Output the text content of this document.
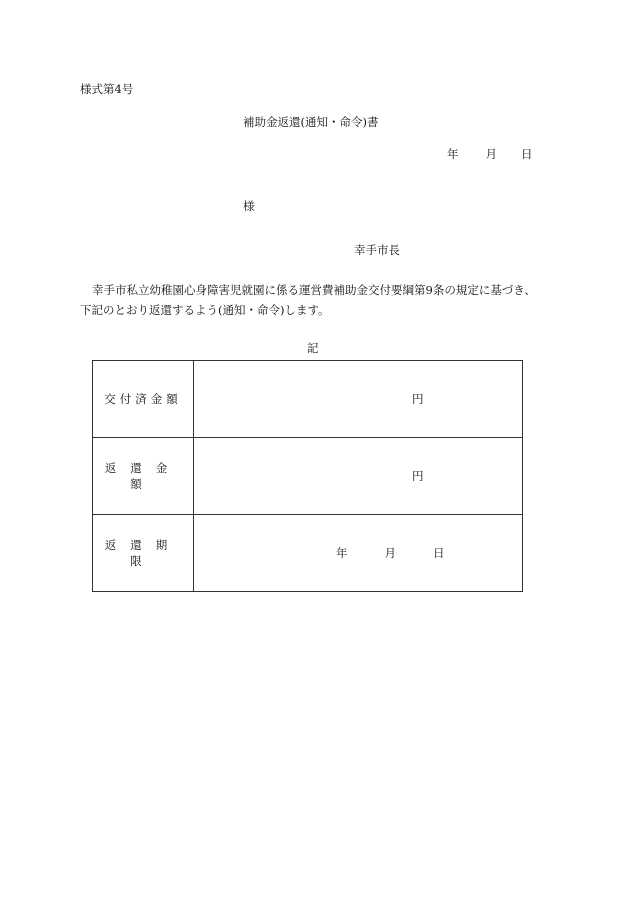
様式第4号
補助金返還(通知・命令)書
年 月 日
様
幸手市長
幸手市私立幼稚園心身障害児就園に係る運営費補助金交付要綱第9条の規定に基づき、
下記のとおり返還するよう(通知・命令)します。
記
交付済金額	円

返還金額	円

返還期限	年 月 日
